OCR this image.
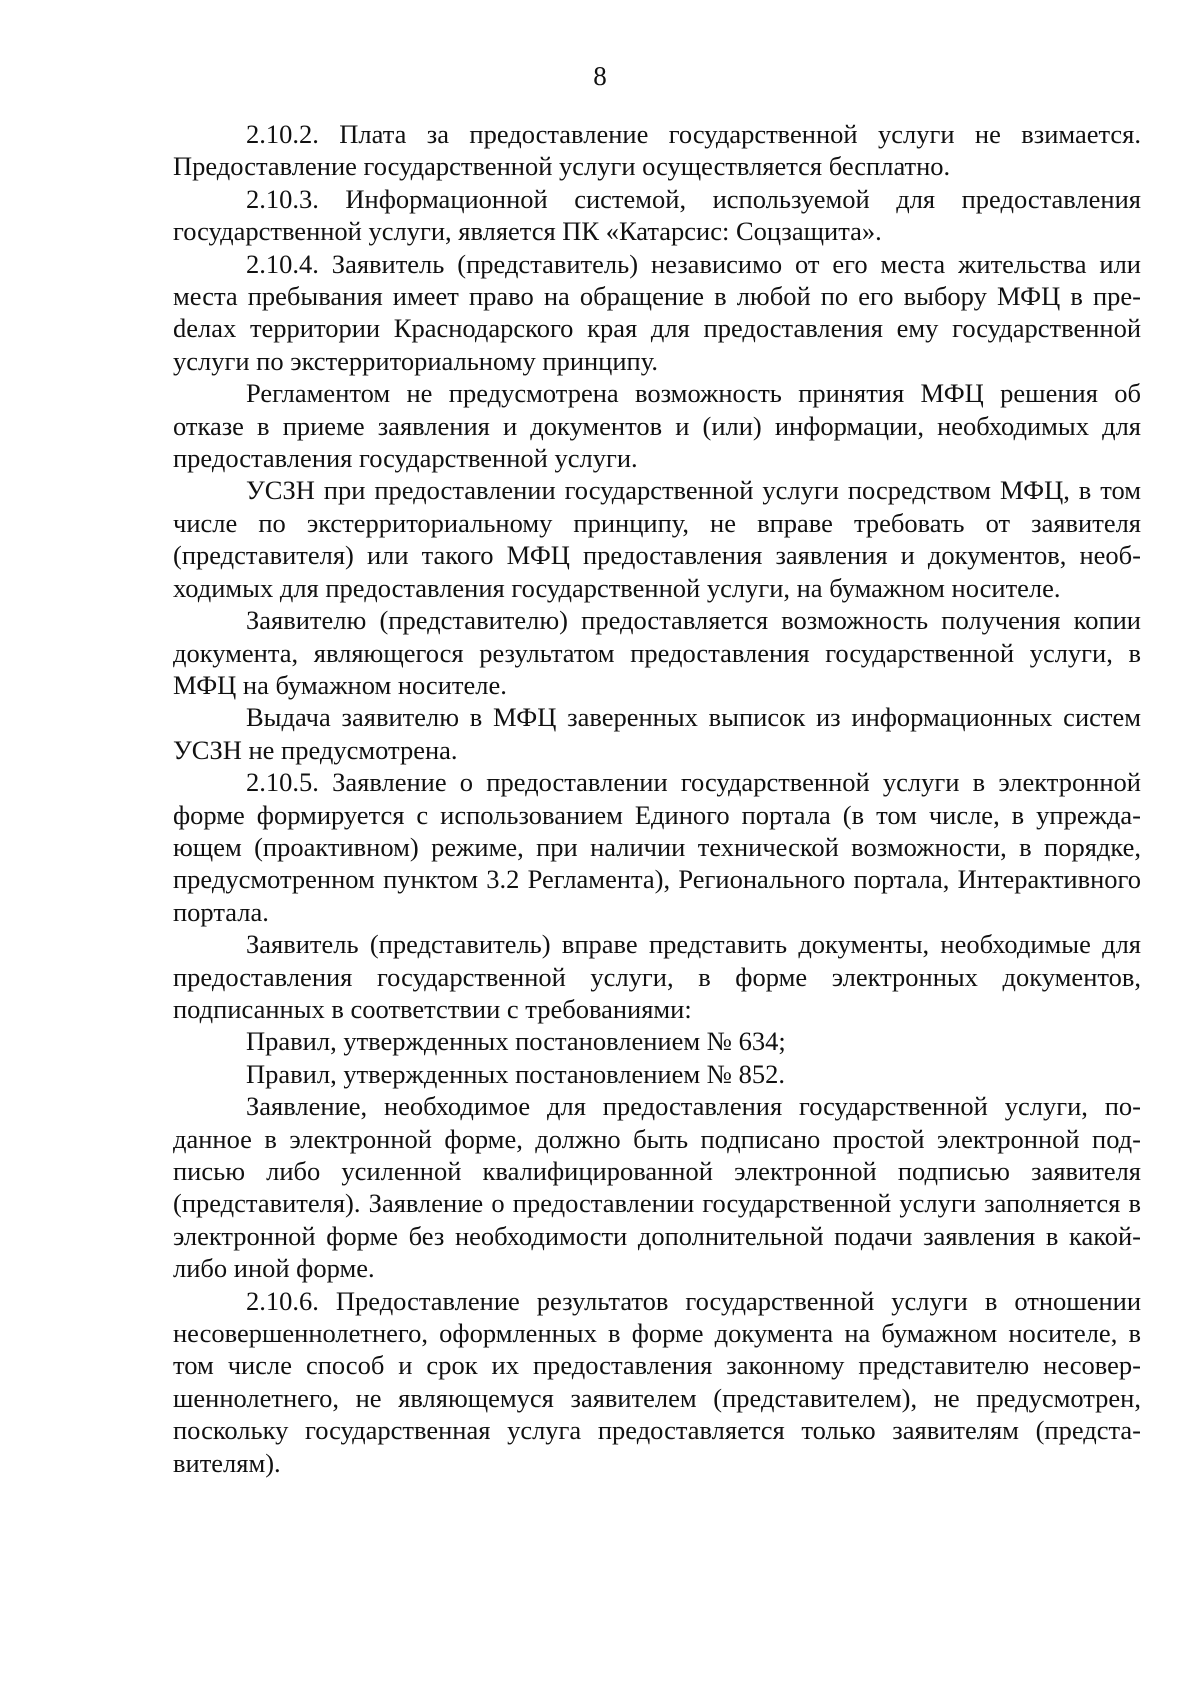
8

2.10.2. Плата за предоставление государственной услуги не взимается. Предоставление государственной услуги осуществляется бесплатно.

2.10.3. Информационной системой, используемой для предоставления государственной услуги, является ПК «Катарсис: Соцзащита».

2.10.4. Заявитель (представитель) независимо от его места жительства или места пребывания имеет право на обращение в любой по его выбору МФЦ в преdелах территории Краснодарского края для предоставления ему государственной услуги по экстерриториальному принципу.

Регламентом не предусмотрена возможность принятия МФЦ решения об отказе в приеме заявления и документов и (или) информации, необходимых для предоставления государственной услуги.

УСЗН при предоставлении государственной услуги посредством МФЦ, в том числе по экстерриториальному принципу, не вправе требовать от заявителя (представителя) или такого МФЦ предоставления заявления и документов, необходимых для предоставления государственной услуги, на бумажном носителе.

Заявителю (представителю) предоставляется возможность получения копии документа, являющегося результатом предоставления государственной услуги, в МФЦ на бумажном носителе.

Выдача заявителю в МФЦ заверенных выписок из информационных систем УСЗН не предусмотрена.

2.10.5. Заявление о предоставлении государственной услуги в электронной форме формируется с использованием Единого портала (в том числе, в упреждающем (проактивном) режиме, при наличии технической возможности, в порядке, предусмотренном пунктом 3.2 Регламента), Регионального портала, Интерактивного портала.

Заявитель (представитель) вправе представить документы, необходимые для предоставления государственной услуги, в форме электронных документов, подписанных в соответствии с требованиями:

Правил, утвержденных постановлением № 634;

Правил, утвержденных постановлением № 852.

Заявление, необходимое для предоставления государственной услуги, поданное в электронной форме, должно быть подписано простой электронной подписью либо усиленной квалифицированной электронной подписью заявителя (представителя). Заявление о предоставлении государственной услуги заполняется в электронной форме без необходимости дополнительной подачи заявления в какой-либо иной форме.

2.10.6. Предоставление результатов государственной услуги в отношении несовершеннолетнего, оформленных в форме документа на бумажном носителе, в том числе способ и срок их предоставления законному представителю несовершеннолетнего, не являющемуся заявителем (представителем), не предусмотрен, поскольку государственная услуга предоставляется только заявителям (представителям).
